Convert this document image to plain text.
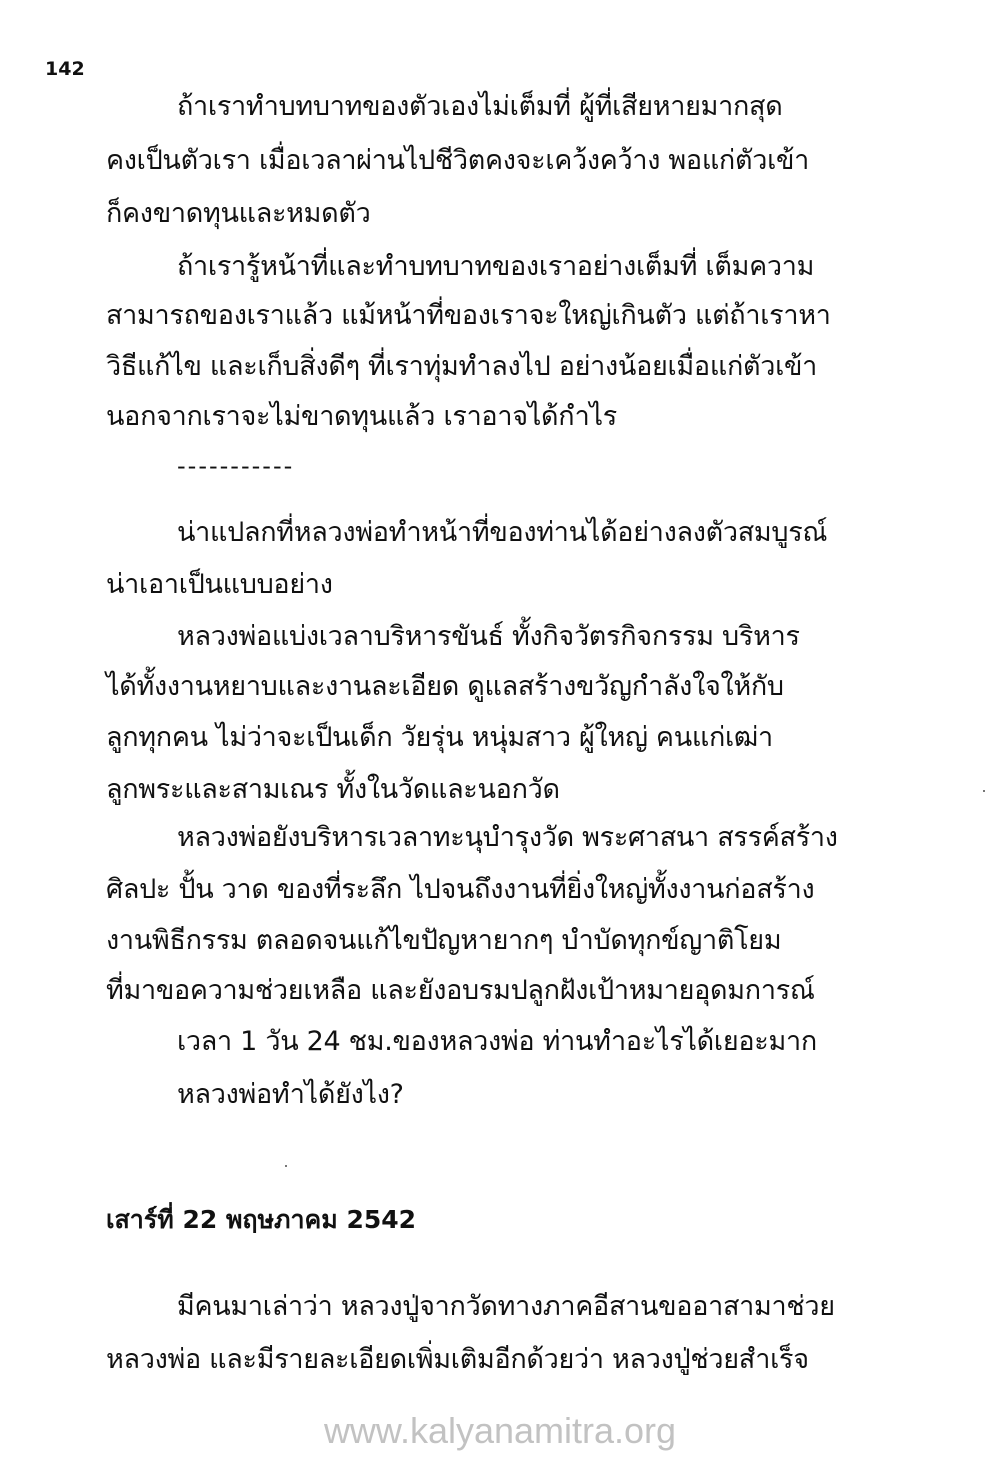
142
ถ้าเราทำบทบาทของตัวเองไม่เต็มที่ ผู้ที่เสียหายมากสุด
คงเป็นตัวเรา เมื่อเวลาผ่านไปชีวิตคงจะเคว้งคว้าง พอแก่ตัวเข้า
ก็คงขาดทุนและหมดตัว
ถ้าเรารู้หน้าที่และทำบทบาทของเราอย่างเต็มที่ เต็มความ
สามารถของเราแล้ว แม้หน้าที่ของเราจะใหญ่เกินตัว แต่ถ้าเราหา
วิธีแก้ไข และเก็บสิ่งดีๆ ที่เราทุ่มทำลงไป อย่างน้อยเมื่อแก่ตัวเข้า
นอกจากเราจะไม่ขาดทุนแล้ว เราอาจได้กำไร
-----------
น่าแปลกที่หลวงพ่อทำหน้าที่ของท่านได้อย่างลงตัวสมบูรณ์
น่าเอาเป็นแบบอย่าง
หลวงพ่อแบ่งเวลาบริหารขันธ์ ทั้งกิจวัตรกิจกรรม บริหาร
ได้ทั้งงานหยาบและงานละเอียด ดูแลสร้างขวัญกำลังใจให้กับ
ลูกทุกคน ไม่ว่าจะเป็นเด็ก วัยรุ่น หนุ่มสาว ผู้ใหญ่ คนแก่เฒ่า
ลูกพระและสามเณร ทั้งในวัดและนอกวัด
หลวงพ่อยังบริหารเวลาทะนุบำรุงวัด พระศาสนา สรรค์สร้าง
ศิลปะ ปั้น วาด ของที่ระลึก ไปจนถึงงานที่ยิ่งใหญ่ทั้งงานก่อสร้าง
งานพิธีกรรม ตลอดจนแก้ไขปัญหายากๆ บำบัดทุกข์ญาติโยม
ที่มาขอความช่วยเหลือ และยังอบรมปลูกฝังเป้าหมายอุดมการณ์
เวลา 1 วัน 24 ชม.ของหลวงพ่อ ท่านทำอะไรได้เยอะมาก
หลวงพ่อทำได้ยังไง?
เสาร์ที่ 22 พฤษภาคม 2542
มีคนมาเล่าว่า หลวงปู่จากวัดทางภาคอีสานขออาสามาช่วย
หลวงพ่อ และมีรายละเอียดเพิ่มเติมอีกด้วยว่า หลวงปู่ช่วยสำเร็จ
www.kalyanamitra.org
